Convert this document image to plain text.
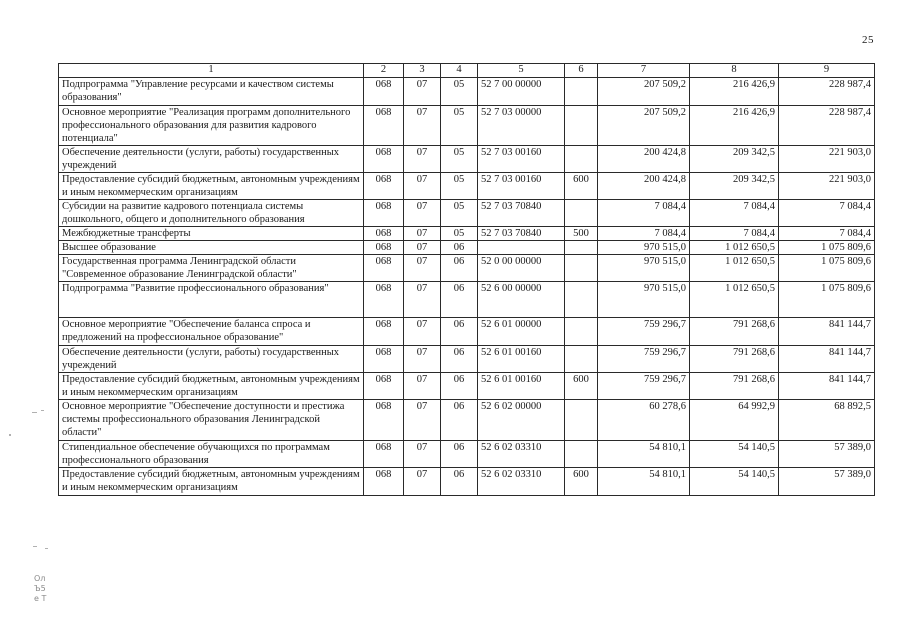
25
1	2	3	4	5	6	7	8	9
Подпрограмма "Управление ресурсами и качеством системы образования"	068	07	05	52 7 00 00000		207 509,2	216 426,9	228 987,4
Основное мероприятие "Реализация программ дополнительного профессионального образования для развития кадрового потенциала"	068	07	05	52 7 03 00000		207 509,2	216 426,9	228 987,4
Обеспечение деятельности (услуги, работы) государственных учреждений	068	07	05	52 7 03 00160		200 424,8	209 342,5	221 903,0
Предоставление субсидий бюджетным, автономным учреждениям и иным некоммерческим организациям	068	07	05	52 7 03 00160	600	200 424,8	209 342,5	221 903,0
Субсидии на развитие кадрового потенциала системы дошкольного, общего и дополнительного образования	068	07	05	52 7 03 70840		7 084,4	7 084,4	7 084,4
Межбюджетные трансферты	068	07	05	52 7 03 70840	500	7 084,4	7 084,4	7 084,4
Высшее образование	068	07	06			970 515,0	1 012 650,5	1 075 809,6
Государственная программа Ленинградской области "Современное образование Ленинградской области"	068	07	06	52 0 00 00000		970 515,0	1 012 650,5	1 075 809,6
Подпрограмма "Развитие профессионального образования"	068	07	06	52 6 00 00000		970 515,0	1 012 650,5	1 075 809,6
Основное мероприятие "Обеспечение баланса спроса и предложений на профессиональное образование"	068	07	06	52 6 01 00000		759 296,7	791 268,6	841 144,7
Обеспечение деятельности (услуги, работы) государственных учреждений	068	07	06	52 6 01 00160		759 296,7	791 268,6	841 144,7
Предоставление субсидий бюджетным, автономным учреждениям и иным некоммерческим организациям	068	07	06	52 6 01 00160	600	759 296,7	791 268,6	841 144,7
Основное мероприятие "Обеспечение доступности и престижа системы профессионального образования Ленинградской области"	068	07	06	52 6 02 00000		60 278,6	64 992,9	68 892,5
Стипендиальное обеспечение обучающихся по программам профессионального образования	068	07	06	52 6 02 03310		54 810,1	54 140,5	57 389,0
Предоставление субсидий бюджетным, автономным учреждениям и иным некоммерческим организациям	068	07	06	52 6 02 03310	600	54 810,1	54 140,5	57 389,0
Ол
Ъ5
е Т
